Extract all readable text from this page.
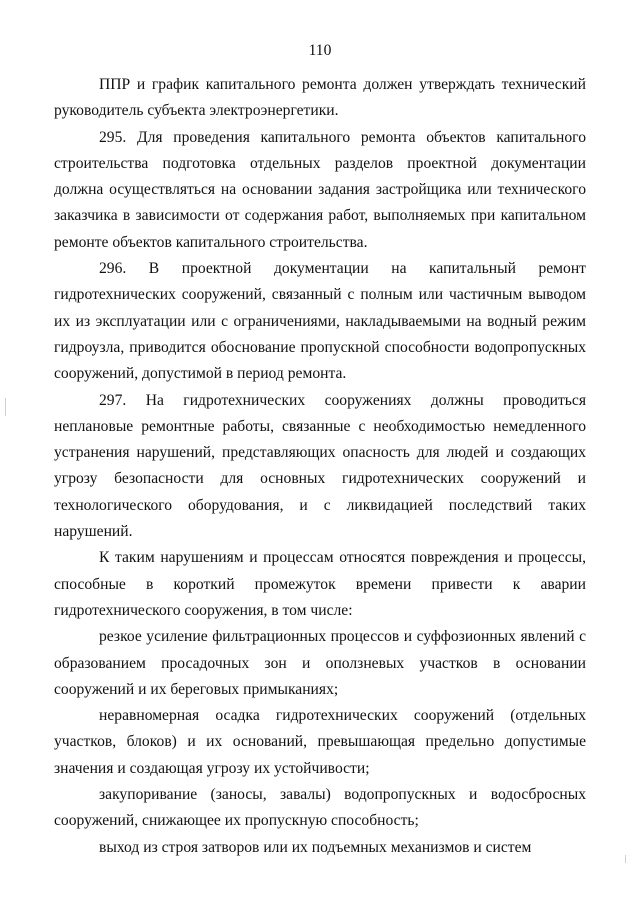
110

ППР и график капитального ремонта должен утверждать технический руководитель субъекта электроэнергетики.

295. Для проведения капитального ремонта объектов капитального строительства подготовка отдельных разделов проектной документации должна осуществляться на основании задания застройщика или технического заказчика в зависимости от содержания работ, выполняемых при капитальном ремонте объектов капитального строительства.

296. В проектной документации на капитальный ремонт гидротехнических сооружений, связанный с полным или частичным выводом их из эксплуатации или с ограничениями, накладываемыми на водный режим гидроузла, приводится обоснование пропускной способности водопропускных сооружений, допустимой в период ремонта.

297. На гидротехнических сооружениях должны проводиться неплановые ремонтные работы, связанные с необходимостью немедленного устранения нарушений, представляющих опасность для людей и создающих угрозу безопасности для основных гидротехнических сооружений и технологического оборудования, и с ликвидацией последствий таких нарушений.

К таким нарушениям и процессам относятся повреждения и процессы, способные в короткий промежуток времени привести к аварии гидротехнического сооружения, в том числе:

резкое усиление фильтрационных процессов и суффозионных явлений с образованием просадочных зон и оползневых участков в основании сооружений и их береговых примыканиях;

неравномерная осадка гидротехнических сооружений (отдельных участков, блоков) и их оснований, превышающая предельно допустимые значения и создающая угрозу их устойчивости;

закупоривание (заносы, завалы) водопропускных и водосбросных сооружений, снижающее их пропускную способность;

выход из строя затворов или их подъемных механизмов и систем
